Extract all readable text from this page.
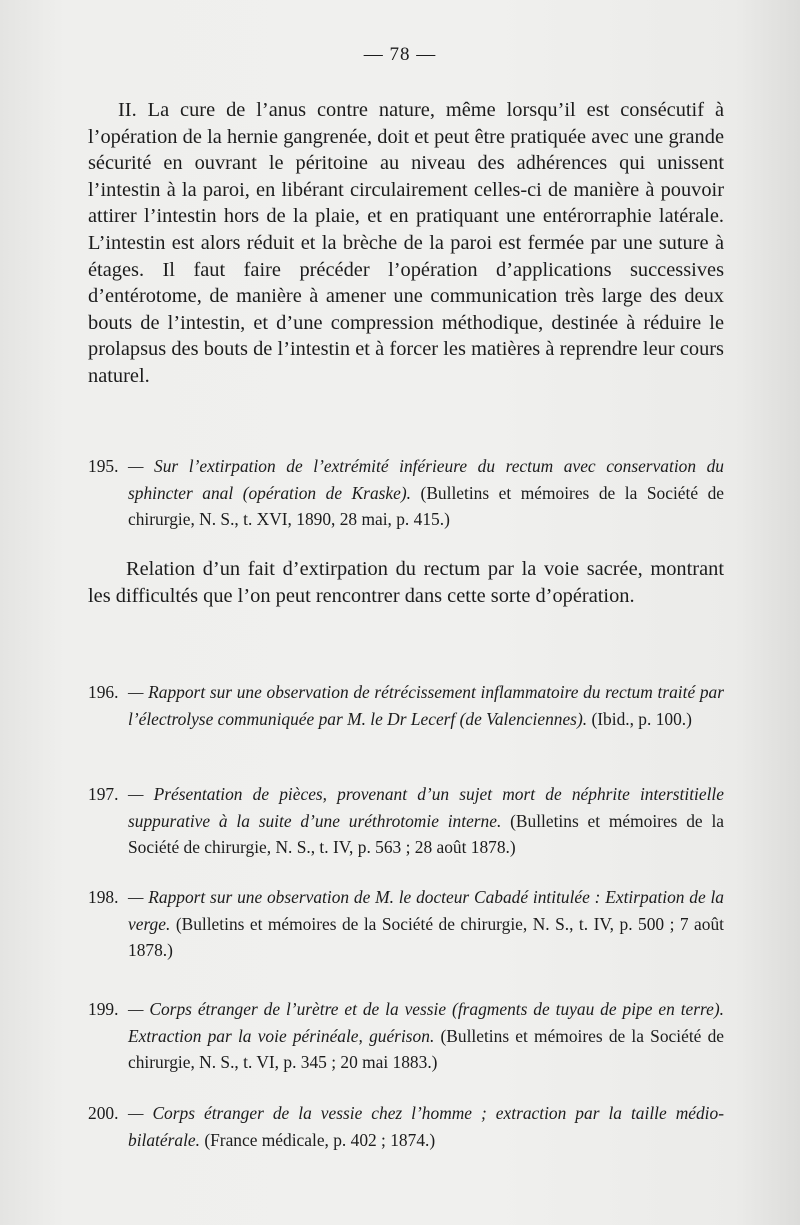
— 78 —

II. La cure de l’anus contre nature, même lorsqu’il est consécutif à l’opération de la hernie gangrenée, doit et peut être pratiquée avec une grande sécurité en ouvrant le péritoine au niveau des adhérences qui unissent l’intestin à la paroi, en libérant circulairement celles-ci de manière à pouvoir attirer l’intestin hors de la plaie, et en pratiquant une entérorraphie latérale. L’intestin est alors réduit et la brèche de la paroi est fermée par une suture à étages. Il faut faire précéder l’opération d’applications successives d’entérotome, de manière à amener une communication très large des deux bouts de l’intestin, et d’une compression méthodique, destinée à réduire le prolapsus des bouts de l’intestin et à forcer les matières à reprendre leur cours naturel.

195. — Sur l’extirpation de l’extrémité inférieure du rectum avec conservation du sphincter anal (opération de Kraske). (Bulletins et mémoires de la Société de chirurgie, N. S., t. XVI, 1890, 28 mai, p. 415.)

Relation d’un fait d’extirpation du rectum par la voie sacrée, montrant les difficultés que l’on peut rencontrer dans cette sorte d’opération.

196. — Rapport sur une observation de rétrécissement inflammatoire du rectum traité par l’électrolyse communiquée par M. le Dr Lecerf (de Valenciennes). (Ibid., p. 100.)

197. — Présentation de pièces, provenant d’un sujet mort de néphrite interstitielle suppurative à la suite d’une uréthrotomie interne. (Bulletins et mémoires de la Société de chirurgie, N. S., t. IV, p. 563 ; 28 août 1878.)

198. — Rapport sur une observation de M. le docteur Cabadé intitulée : Extirpation de la verge. (Bulletins et mémoires de la Société de chirurgie, N. S., t. IV, p. 500 ; 7 août 1878.)

199. — Corps étranger de l’urètre et de la vessie (fragments de tuyau de pipe en terre). Extraction par la voie périnéale, guérison. (Bulletins et mémoires de la Société de chirurgie, N. S., t. VI, p. 345 ; 20 mai 1883.)

200. — Corps étranger de la vessie chez l’homme ; extraction par la taille médio-bilatérale. (France médicale, p. 402 ; 1874.)
